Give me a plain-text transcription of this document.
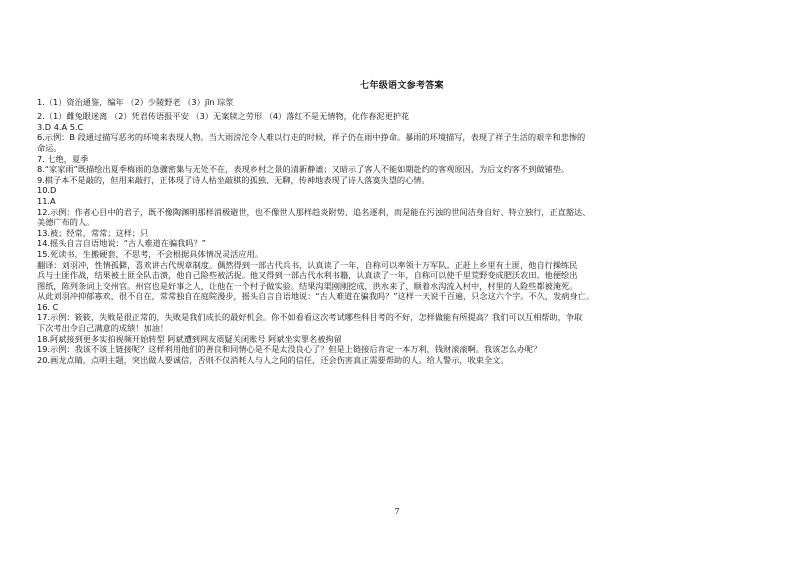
七年级语文参考答案

1.（1）资治通鉴，编年 （2）少陵野老 （3）jīn 琮浆

2.（1）雌兔眼迷离 （2）凭君传语报平安 （3）无案牍之劳形 （4）落红不是无情物，化作春泥更护花

3.D 4.A 5.C

6.示例：B 段通过描写恶劣的环境来表现人物。当大雨滂沱令人难以行走的时候，祥子仍在雨中挣命。暴雨的环境描写，表现了祥子生活的艰辛和悲惨的

命运。

7. 七绝，夏季

8.“家家雨”既描绘出夏季梅雨的急骤密集与无处不在，表现乡村之景的清新静谧；又暗示了客人不能如期赴约的客观原因，为后文约客不到做铺垫。

9.棋子本不是敲的，但用来敲打，正体现了诗人枯坐敲棋的孤独、无聊，传神地表现了诗人落寞失望的心情。

10.D

11.A

12.示例：作者心目中的君子，既不像陶渊明那样消极避世，也不像世人那样趋炎附势、追名逐利，而是能在污浊的世间洁身自好、特立独行，正直豁达、

美德广布的人。

13.被；经常，常常；这样；只

14.摇头自言自语地说：“古人难道在骗我吗？”

15.死读书，生搬硬套，不思考，不会根据具体情况灵活应用。

翻译：刘羽冲，性情孤僻，喜欢讲古代规章制度。偶然得到一部古代兵书，认真读了一年，自称可以率领十万军队。正赶上乡里有土匪，他自行操练民

兵与土匪作战，结果被土匪全队击溃，他自己险些被活捉。他又得到一部古代水利书籍，认真读了一年，自称可以使千里荒野变成肥沃农田。他便绘出

图纸，陈列条词上交州官。州官也是好事之人，让他在一个村子做实验。结果沟渠刚刚挖成，洪水来了，顺着水沟流入村中，村里的人险些都被淹死。

从此刘羽冲抑郁寡欢，很不自在，常常独自在庭院漫步，摇头自言自语地说：“古人难道在骗我吗？”这样一天说千百遍，只念这六个字。不久，发病身亡。

16. C

17.示例：筱筱，失败是很正常的，失败是我们成长的最好机会。你不如看看这次考试哪些科目考的不好，怎样做能有所提高？我们可以互相帮助，争取

下次考出令自己满意的成绩！加油！

18.阿斌接到更多实拍视频开始转型 阿斌遭到网友质疑关闭账号 阿斌坐实罪名被拘留

19.示例：我该不该上链接呢？这样利用他们的善良和同情心是不是太没良心了？但是上链接后肯定一本万利，钱财滚滚啊。我该怎么办呢？

20.画龙点睛，点明主题，突出做人要诚信，否则不仅消耗人与人之间的信任，还会伤害真正需要帮助的人。给人警示，收束全文。

7
